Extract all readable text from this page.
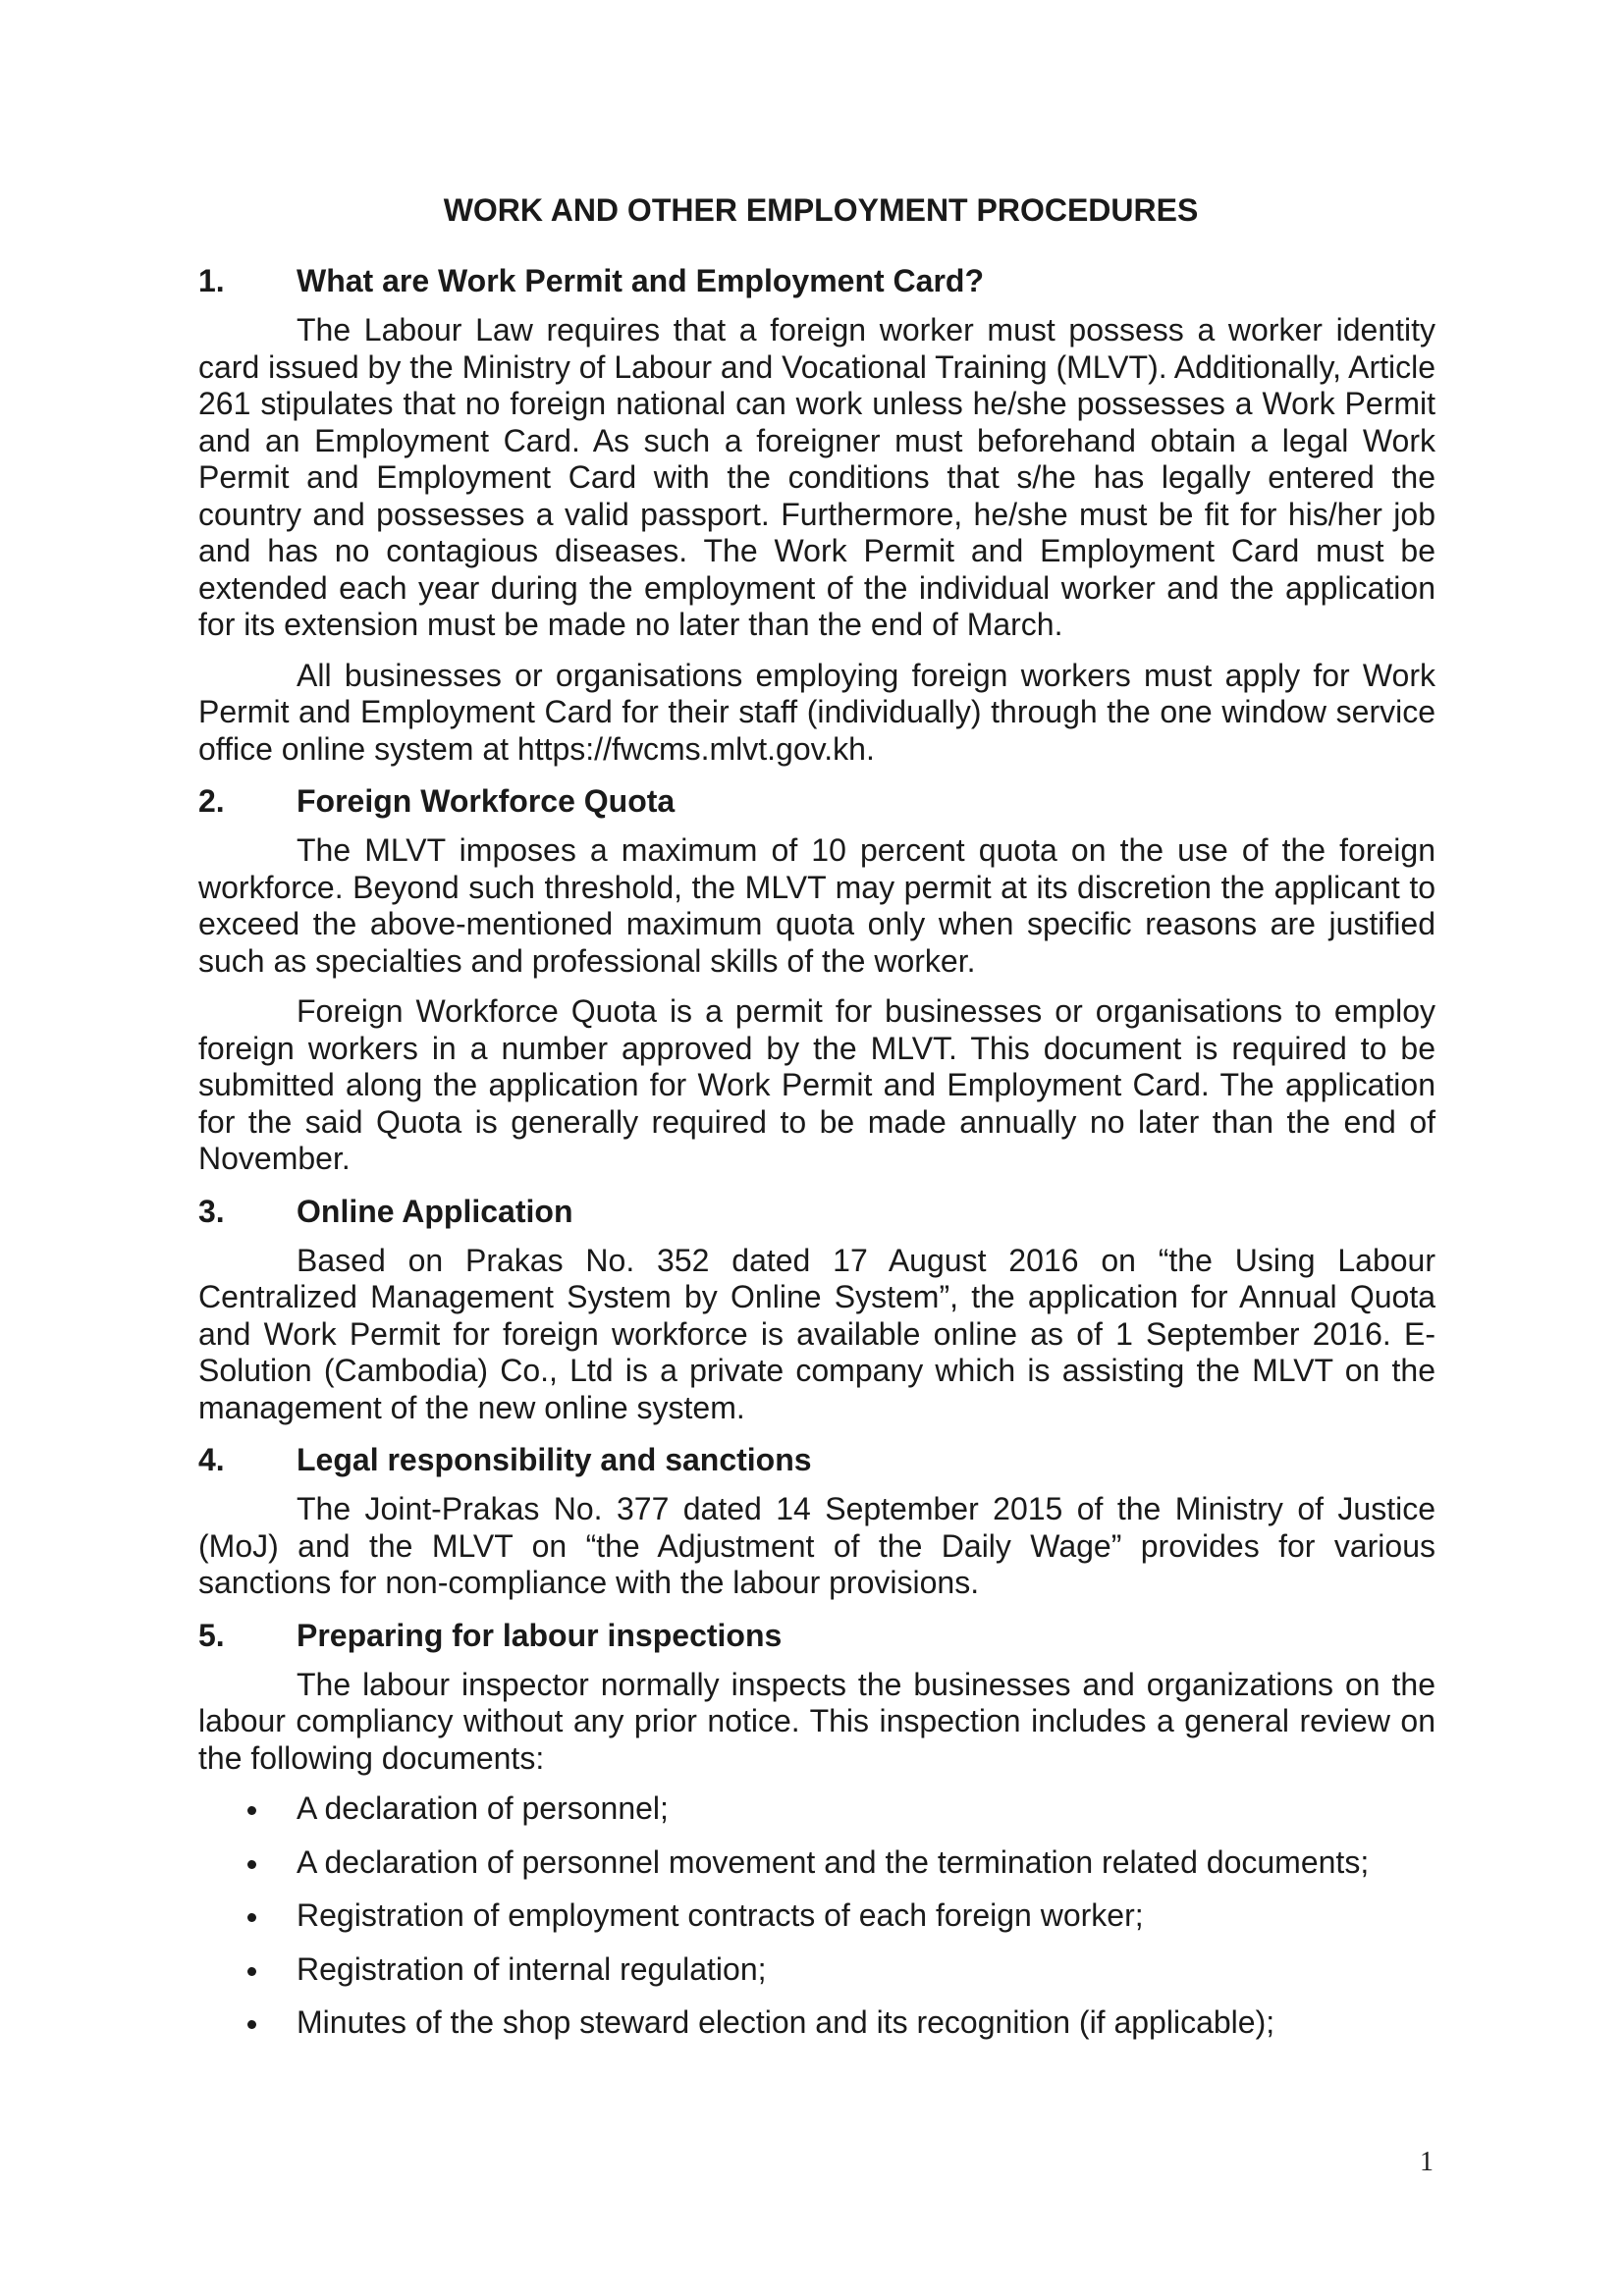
WORK AND OTHER EMPLOYMENT PROCEDURES
1.	What are Work Permit and Employment Card?

The Labour Law requires that a foreign worker must possess a worker identity card issued by the Ministry of Labour and Vocational Training (MLVT). Additionally, Article 261 stipulates that no foreign national can work unless he/she possesses a Work Permit and an Employment Card. As such a foreigner must beforehand obtain a legal Work Permit and Employment Card with the conditions that s/he has legally entered the country and possesses a valid passport. Furthermore, he/she must be fit for his/her job and has no contagious diseases. The Work Permit and Employment Card must be extended each year during the employment of the individual worker and the application for its extension must be made no later than the end of March.

All businesses or organisations employing foreign workers must apply for Work Permit and Employment Card for their staff (individually) through the one window service office online system at https://fwcms.mlvt.gov.kh.

2.	Foreign Workforce Quota

The MLVT imposes a maximum of 10 percent quota on the use of the foreign workforce. Beyond such threshold, the MLVT may permit at its discretion the applicant to exceed the above-mentioned maximum quota only when specific reasons are justified such as specialties and professional skills of the worker.

Foreign Workforce Quota is a permit for businesses or organisations to employ foreign workers in a number approved by the MLVT. This document is required to be submitted along the application for Work Permit and Employment Card. The application for the said Quota is generally required to be made annually no later than the end of November.

3.	Online Application

Based on Prakas No. 352 dated 17 August 2016 on “the Using Labour Centralized Management System by Online System”, the application for Annual Quota and Work Permit for foreign workforce is available online as of 1 September 2016. E-Solution (Cambodia) Co., Ltd is a private company which is assisting the MLVT on the management of the new online system.

4.	Legal responsibility and sanctions

The Joint-Prakas No. 377 dated 14 September 2015 of the Ministry of Justice (MoJ) and the MLVT on “the Adjustment of the Daily Wage” provides for various sanctions for non-compliance with the labour provisions.

5.	Preparing for labour inspections

The labour inspector normally inspects the businesses and organizations on the labour compliancy without any prior notice. This inspection includes a general review on the following documents:

A declaration of personnel;
A declaration of personnel movement and the termination related documents;
Registration of employment contracts of each foreign worker;
Registration of internal regulation;
Minutes of the shop steward election and its recognition (if applicable);
1
